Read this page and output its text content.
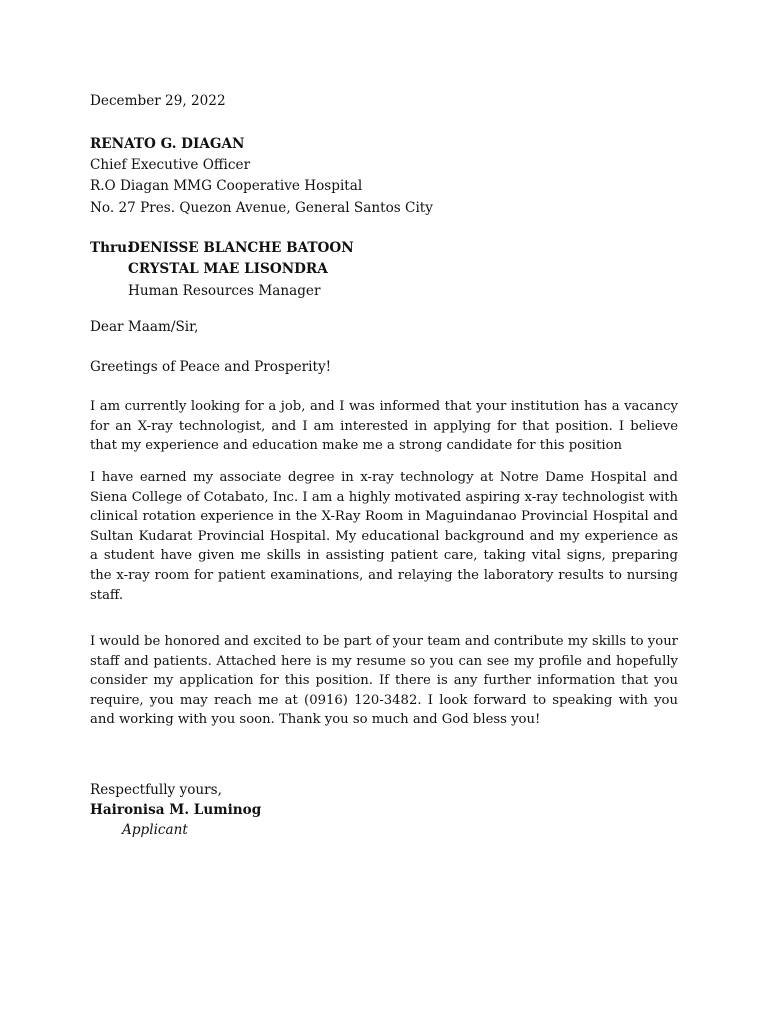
December 29, 2022
RENATO G. DIAGAN
Chief Executive Officer
R.O Diagan MMG Cooperative Hospital
No. 27 Pres. Quezon Avenue, General Santos City
Thru:DENISSE BLANCHE BATOON
CRYSTAL MAE LISONDRA
Human Resources Manager
Dear Maam/Sir,
Greetings of Peace and Prosperity!

I am currently looking for a job, and I was informed that your institution has a vacancy for an X-ray technologist, and I am interested in applying for that position. I believe that my experience and education make me a strong candidate for this position

I have earned my associate degree in x-ray technology at Notre Dame Hospital and Siena College of Cotabato, Inc. I am a highly motivated aspiring x-ray technologist with clinical rotation experience in the X-Ray Room in Maguindanao Provincial Hospital and Sultan Kudarat Provincial Hospital. My educational background and my experience as a student have given me skills in assisting patient care, taking vital signs, preparing the x-ray room for patient examinations, and relaying the laboratory results to nursing staff.

I would be honored and excited to be part of your team and contribute my skills to your staff and patients. Attached here is my resume so you can see my profile and hopefully consider my application for this position. If there is any further information that you require, you may reach me at (0916) 120-3482. I look forward to speaking with you and working with you soon. Thank you so much and God bless you!

Respectfully yours,
Haironisa M. Luminog
Applicant
